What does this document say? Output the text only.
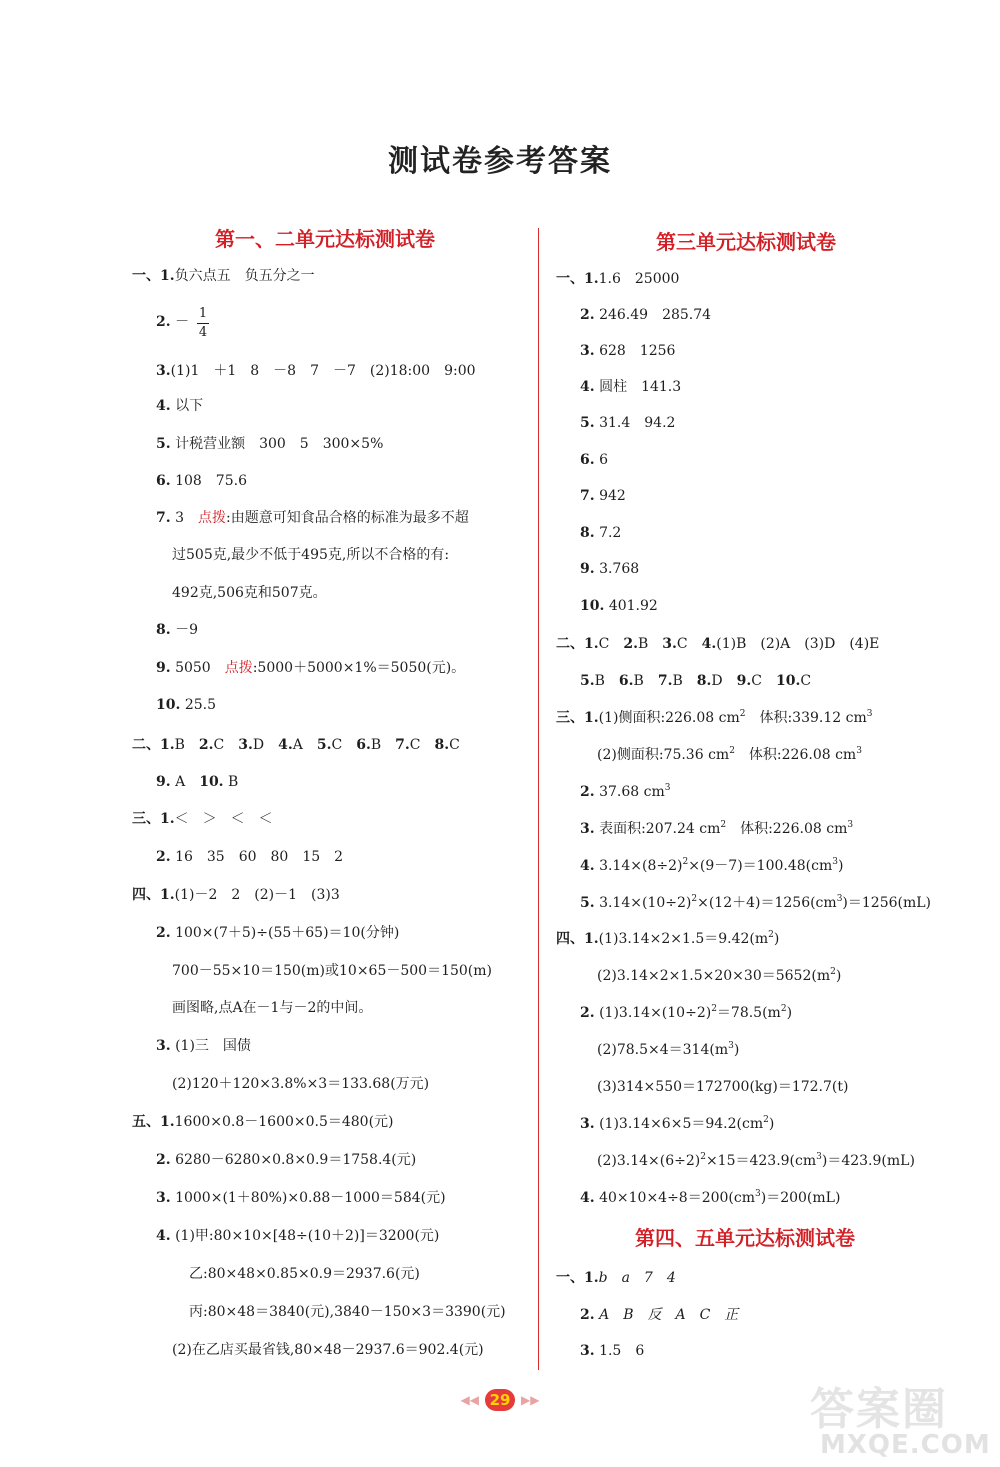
测试卷参考答案
第一、二单元达标测试卷	第三单元达标测试卷
第四、五单元达标测试卷
一、1.负六点五　负五分之一
2. －
1
4
3.(1)1　＋1　8　－8　7　－7　(2)18:00　9:00
4. 以下
5. 计税营业额　300　5　300×5%
6. 108　75.6
7. 3　点拨:由题意可知食品合格的标准为最多不超
过505克,最少不低于495克,所以不合格的有:
492克,506克和507克。
8. －9
9. 5050　点拨:5000＋5000×1%＝5050(元)。
10. 25.5
二、1.B　2.C　3.D　4.A　5.C　6.B　7.C　8.C
9. A　10. B
三、1.＜　＞　＜　＜
2. 16　35　60　80　15　2
四、1.(1)－2　2　(2)－1　(3)3
2. 100×(7＋5)÷(55＋65)＝10(分钟)
700－55×10＝150(m)或10×65－500＝150(m)
画图略,点A在－1与－2的中间。
3. (1)三　国债
(2)120＋120×3.8%×3＝133.68(万元)
五、1.1600×0.8－1600×0.5＝480(元)
2. 6280－6280×0.8×0.9＝1758.4(元)
3. 1000×(1＋80%)×0.88－1000＝584(元)
4. (1)甲:80×10×[48÷(10＋2)]＝3200(元)
乙:80×48×0.85×0.9＝2937.6(元)
丙:80×48＝3840(元),3840－150×3＝3390(元)
(2)在乙店买最省钱,80×48－2937.6＝902.4(元)
一、1.1.6　25000
2. 246.49　285.74
3. 628　1256
4. 圆柱　141.3
5. 31.4　94.2
6. 6
7. 942
8. 7.2
9. 3.768
10. 401.92
二、1.C　2.B　3.C　4.(1)B　(2)A　(3)D　(4)E
5.B　6.B　7.B　8.D　9.C　10.C
三、1.(1)侧面积:226.08 $cm^2$　体积:339.12 $cm^3$
(2)侧面积:75.36 $cm^2$　体积:226.08 $cm^3$
2. 37.68 $cm^3$
3. 表面积:207.24 $cm^2$　体积:226.08 $cm^3$
4. $3.14\times(8\div 2)^2\times(9-7)=100.48(cm^3)$
5. $3.14\times(10\div 2)^2\times(12+4)=1256(cm^3)=1256(mL)$
四、$1.(1)3.14\times 2\times 1.5=9.42(m^2)$
$(2)3.14\times 2\times 1.5\times 20\times 30=5652(m^2)$
2. $(1)3.14\times(10\div 2)^2=78.5(m^2)$
$(2)78.5\times 4=314(m^3)$
(3)314×550＝172700(kg)＝172.7(t)
3. $(1)3.14\times 6\times 5=94.2(cm^2)$
$(2)3.14\times(6\div 2)^2\times 15=423.9(cm^3)=423.9(mL)$
4. $40\times 10\times 4\div 8=200(cm^3)=200(mL)$
一、1.b　a　7　4
2. A　B　反　A　C　正
3. 1.5　6
◀◀ 29 ▶▶	答案圈
MXQE.COM
